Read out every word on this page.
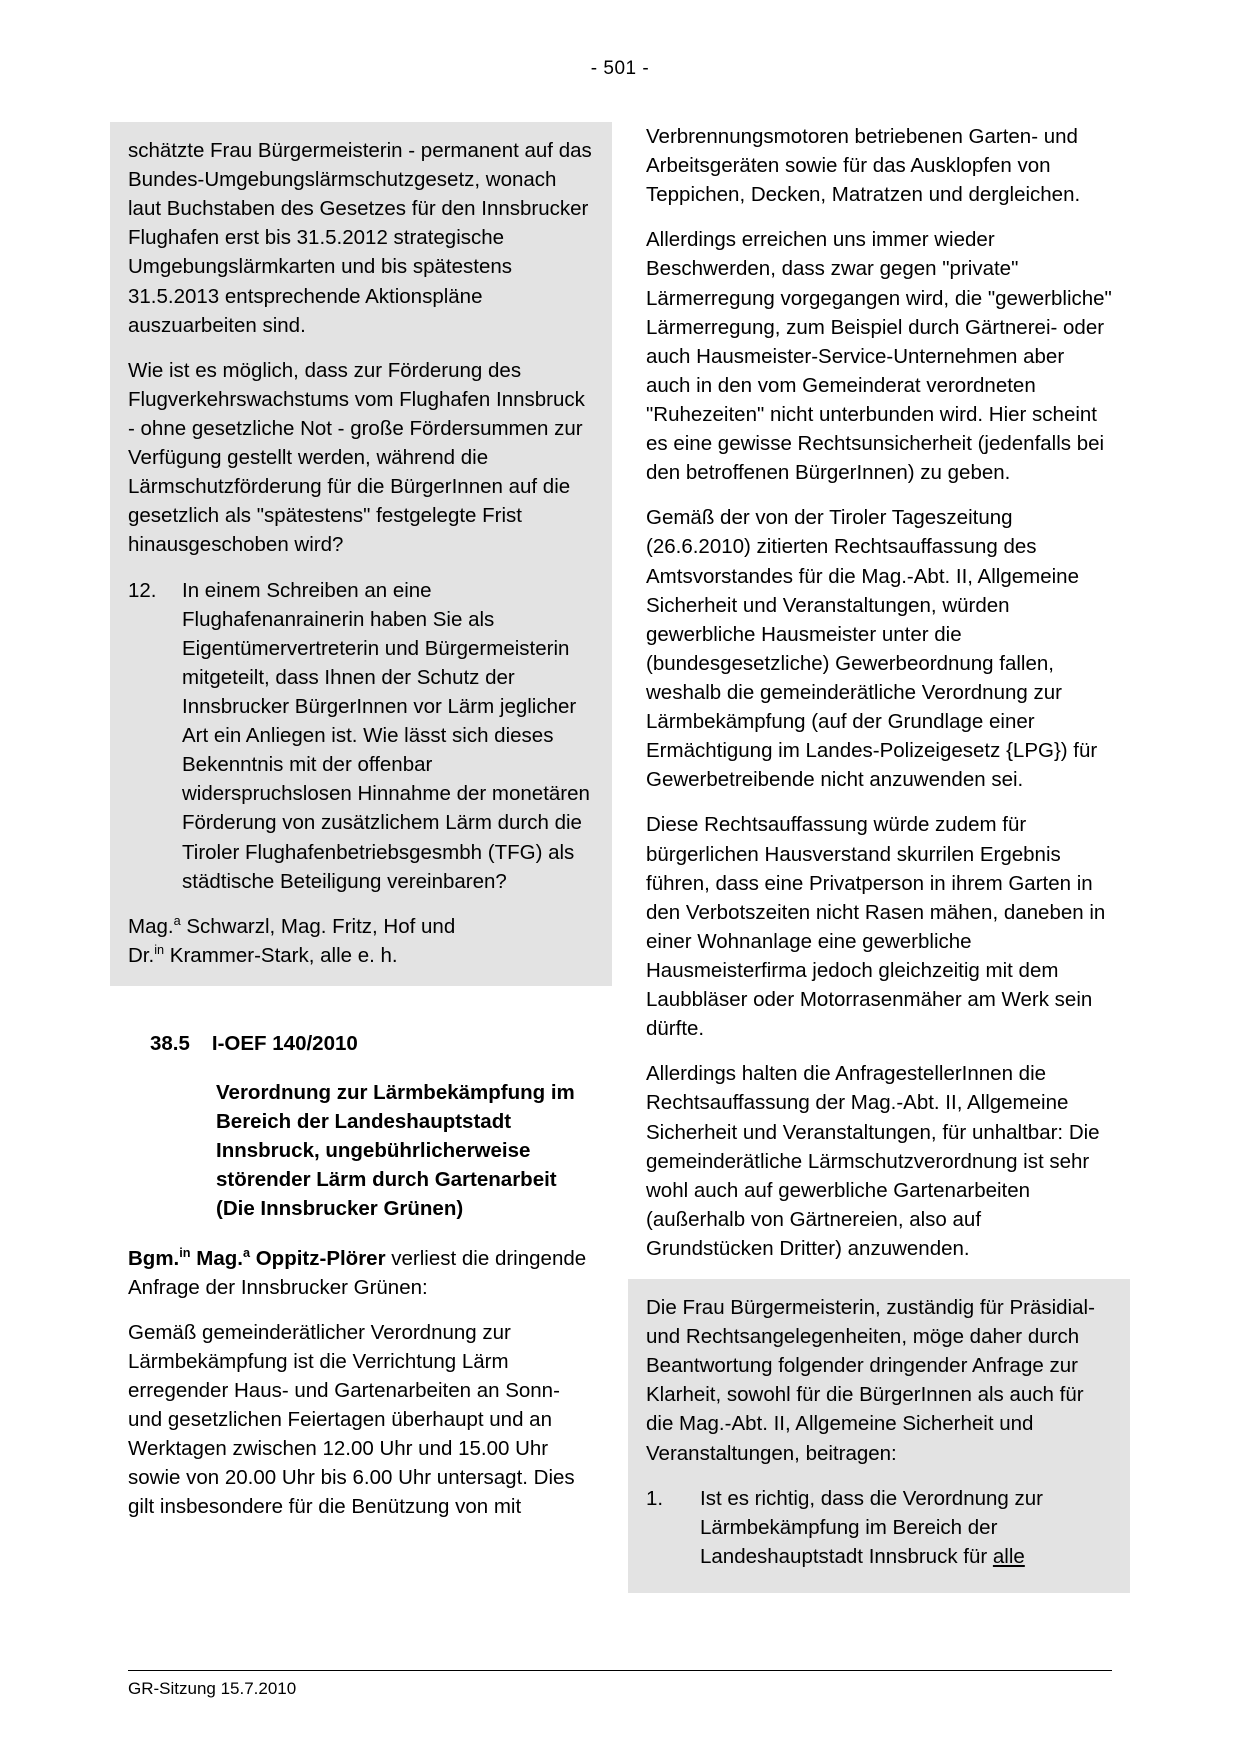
- 501 -

schätzte Frau Bürgermeisterin - permanent auf das Bundes-Umgebungslärmschutzgesetz, wonach laut Buchstaben des Gesetzes für den Innsbrucker Flughafen erst bis 31.5.2012 strategische Umgebungslärmkarten und bis spätestens 31.5.2013 entsprechende Aktionspläne auszuarbeiten sind.

Wie ist es möglich, dass zur Förderung des Flugverkehrswachstums vom Flughafen Innsbruck - ohne gesetzliche Not - große Fördersummen zur Verfügung gestellt werden, während die Lärmschutzförderung für die BürgerInnen auf die gesetzlich als "spätestens" festgelegte Frist hinausgeschoben wird?

12.	In einem Schreiben an eine Flughafenanrainerin haben Sie als Eigentümervertreterin und Bürgermeisterin mitgeteilt, dass Ihnen der Schutz der Innsbrucker BürgerInnen vor Lärm jeglicher Art ein Anliegen ist. Wie lässt sich dieses Bekenntnis mit der offenbar widerspruchslosen Hinnahme der monetären Förderung von zusätzlichem Lärm durch die Tiroler Flughafenbetriebsgesmbh (TFG) als städtische Beteiligung vereinbaren?
Mag.$^a$ Schwarzl, Mag. Fritz, Hof und
Dr.$^{in}$ Krammer-Stark, alle e. h.
38.5 I-OEF 140/2010
Verordnung zur Lärmbekämpfung im Bereich der Landeshauptstadt Innsbruck, ungebührlicherweise störender Lärm durch Gartenarbeit (Die Innsbrucker Grünen)
Bgm.$^{in}$ Mag.$^a$ Oppitz-Plörer verliest die dringende Anfrage der Innsbrucker Grünen:

Gemäß gemeinderätlicher Verordnung zur Lärmbekämpfung ist die Verrichtung Lärm erregender Haus- und Gartenarbeiten an Sonn- und gesetzlichen Feiertagen überhaupt und an Werktagen zwischen 12.00 Uhr und 15.00 Uhr sowie von 20.00 Uhr bis 6.00 Uhr untersagt. Dies gilt insbesondere für die Benützung von mit

Verbrennungsmotoren betriebenen Garten- und Arbeitsgeräten sowie für das Ausklopfen von Teppichen, Decken, Matratzen und dergleichen.

Allerdings erreichen uns immer wieder Beschwerden, dass zwar gegen "private" Lärmerregung vorgegangen wird, die "gewerbliche" Lärmerregung, zum Beispiel durch Gärtnerei- oder auch Hausmeister-Service-Unternehmen aber auch in den vom Gemeinderat verordneten "Ruhezeiten" nicht unterbunden wird. Hier scheint es eine gewisse Rechtsunsicherheit (jedenfalls bei den betroffenen BürgerInnen) zu geben.

Gemäß der von der Tiroler Tageszeitung (26.6.2010) zitierten Rechtsauffassung des Amtsvorstandes für die Mag.-Abt. II, Allgemeine Sicherheit und Veranstaltungen, würden gewerbliche Hausmeister unter die (bundesgesetzliche) Gewerbeordnung fallen, weshalb die gemeinderätliche Verordnung zur Lärmbekämpfung (auf der Grundlage einer Ermächtigung im Landes-Polizeigesetz {LPG}) für Gewerbetreibende nicht anzuwenden sei.

Diese Rechtsauffassung würde zudem für bürgerlichen Hausverstand skurrilen Ergebnis führen, dass eine Privatperson in ihrem Garten in den Verbotszeiten nicht Rasen mähen, daneben in einer Wohnanlage eine gewerbliche Hausmeisterfirma jedoch gleichzeitig mit dem Laubbläser oder Motorrasenmäher am Werk sein dürfte.

Allerdings halten die AnfragestellerInnen die Rechtsauffassung der Mag.-Abt. II, Allgemeine Sicherheit und Veranstaltungen, für unhaltbar: Die gemeinderätliche Lärmschutzverordnung ist sehr wohl auch auf gewerbliche Gartenarbeiten (außerhalb von Gärtnereien, also auf Grundstücken Dritter) anzuwenden.

Die Frau Bürgermeisterin, zuständig für Präsidial- und Rechtsangelegenheiten, möge daher durch Beantwortung folgender dringender Anfrage zur Klarheit, sowohl für die BürgerInnen als auch für die Mag.-Abt. II, Allgemeine Sicherheit und Veranstaltungen, beitragen:

1.	Ist es richtig, dass die Verordnung zur Lärmbekämpfung im Bereich der Landeshauptstadt Innsbruck für alle
GR-Sitzung 15.7.2010
